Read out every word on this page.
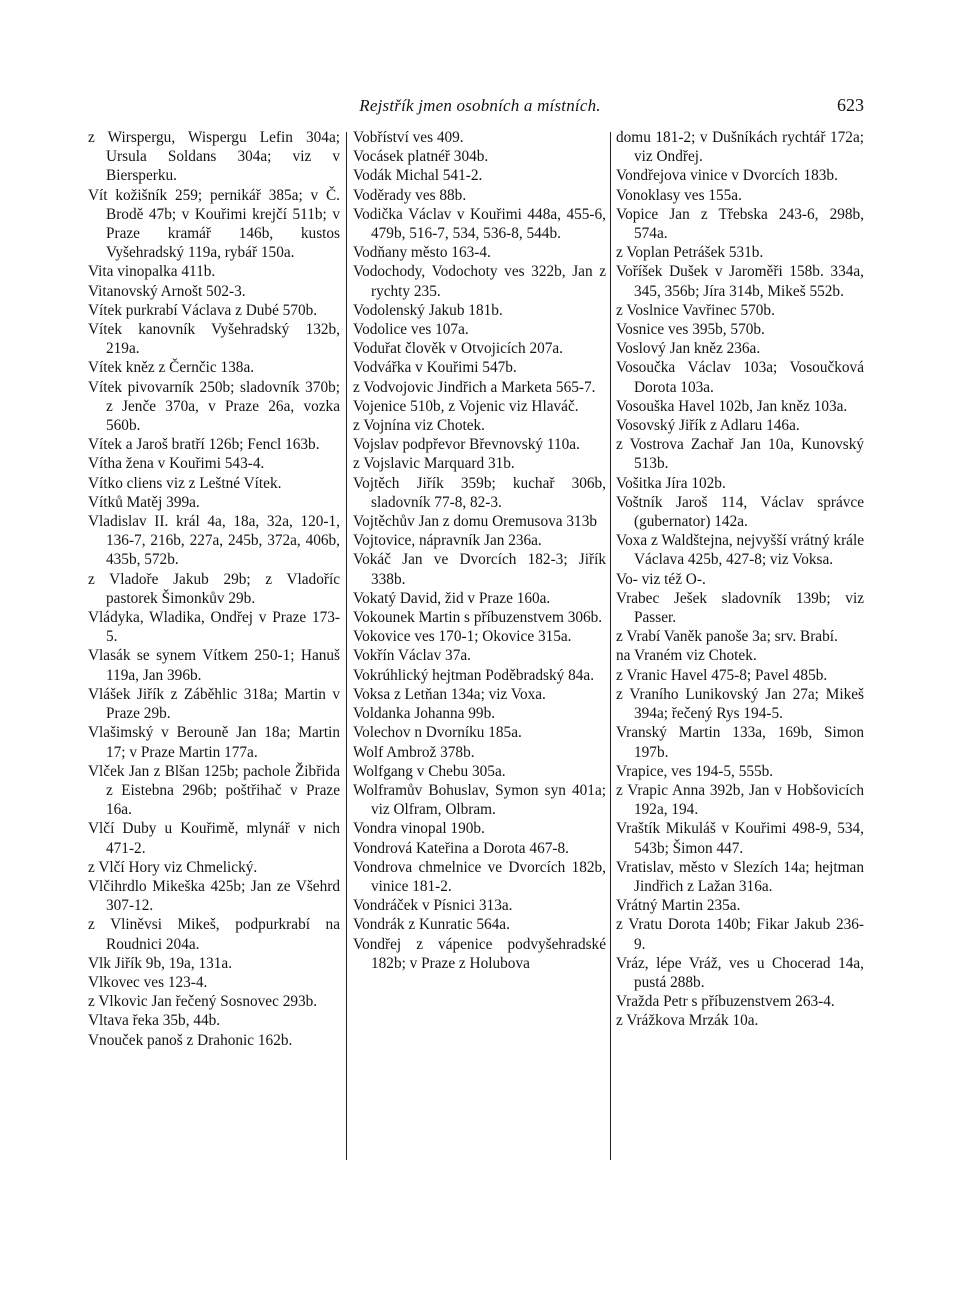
Rejstřík jmen osobních a místních.	623

z Wirspergu, Wispergu Lefin 304a; Ursula Soldans 304a; viz v Biersperku.

Vít kožišník 259; pernikář 385a; v Č. Brodě 47b; v Kouřimi krejčí 511b; v Praze kramář 146b, kustos Vyšehradský 119a, rybář 150a.

Vita vinopalka 411b.

Vitanovský Arnošt 502-3.

Vítek purkrabí Václava z Dubé 570b.

Vítek kanovník Vyšehradský 132b, 219a.

Vítek kněz z Černčic 138a.

Vítek pivovarník 250b; sladovník 370b; z Jenče 370a, v Praze 26a, vozka 560b.

Vítek a Jaroš bratří 126b; Fencl 163b.

Vítha žena v Kouřimi 543-4.

Vítko cliens viz z Leštné Vítek.

Vítků Matěj 399a.

Vladislav II. král 4a, 18a, 32a, 120-1, 136-7, 216b, 227a, 245b, 372a, 406b, 435b, 572b.

z Vladoře Jakub 29b; z Vladoříc pastorek Šimonkův 29b.

Vládyka, Wladika, Ondřej v Praze 173-5.

Vlasák se synem Vítkem 250-1; Hanuš 119a, Jan 396b.

Vlášek Jiřík z Záběhlic 318a; Martin v Praze 29b.

Vlašimský v Berouně Jan 18a; Martin 17; v Praze Martin 177a.

Vlček Jan z Blšan 125b; pachole Žibřida z Eistebna 296b; poštřihač v Praze 16a.

Vlčí Duby u Kouřimě, mlynář v nich 471-2.

z Vlčí Hory viz Chmelický.

Vlčihrdlo Mikeška 425b; Jan ze Všehrd 307-12.

z Vliněvsi Mikeš, podpurkrabí na Roudnici 204a.

Vlk Jiřík 9b, 19a, 131a.

Vlkovec ves 123-4.

z Vlkovic Jan řečený Sosnovec 293b.

Vltava řeka 35b, 44b.

Vnouček panoš z Drahonic 162b.

Vobříství ves 409.

Vocásek platnéř 304b.

Vodák Michal 541-2.

Voděrady ves 88b.

Vodička Václav v Kouřimi 448a, 455-6, 479b, 516-7, 534, 536-8, 544b.

Vodňany město 163-4.

Vodochody, Vodochoty ves 322b, Jan z rychty 235.

Vodolenský Jakub 181b.

Vodolice ves 107a.

Voduřat člověk v Otvojicích 207a.

Vodvářka v Kouřimi 547b.

z Vodvojovic Jindřich a Marketa 565-7.

Vojenice 510b, z Vojenic viz Hlaváč.

z Vojnína viz Chotek.

Vojslav podpřevor Břevnovský 110a.

z Vojslavic Marquard 31b.

Vojtěch Jiřík 359b; kuchař 306b, sladovník 77-8, 82-3.

Vojtěchův Jan z domu Oremusova 313b

Vojtovice, nápravník Jan 236a.

Vokáč Jan ve Dvorcích 182-3; Jiřík 338b.

Vokatý David, žid v Praze 160a.

Vokounek Martin s příbuzenstvem 306b.

Vokovice ves 170-1; Okovice 315a.

Vokřín Václav 37a.

Vokrúhlický hejtman Poděbradský 84a.

Voksa z Letňan 134a; viz Voxa.

Voldanka Johanna 99b.

Volechov n Dvorníku 185a.

Wolf Ambrož 378b.

Wolfgang v Chebu 305a.

Wolframův Bohuslav, Symon syn 401a; viz Olfram, Olbram.

Vondra vinopal 190b.

Vondrová Kateřina a Dorota 467-8.

Vondrova chmelnice ve Dvorcích 182b, vinice 181-2.

Vondráček v Písnici 313a.

Vondrák z Kunratic 564a.

Vondřej z vápenice podvyšehradské 182b; v Praze z Holubova

domu 181-2; v Dušníkách rychtář 172a; viz Ondřej.

Vondřejova vinice v Dvorcích 183b.

Vonoklasy ves 155a.

Vopice Jan z Třebska 243-6, 298b, 574a.

z Voplan Petrášek 531b.

Voříšek Dušek v Jaroměři 158b. 334a, 345, 356b; Jíra 314b, Mikeš 552b.

z Voslnice Vavřinec 570b.

Vosnice ves 395b, 570b.

Voslový Jan kněz 236a.

Vosoučka Václav 103a; Vosoučková Dorota 103a.

Vosouška Havel 102b, Jan kněz 103a.

Vosovský Jiřík z Adlaru 146a.

z Vostrova Zachař Jan 10a, Kunovský 513b.

Vošitka Jíra 102b.

Voštník Jaroš 114, Václav správce (gubernator) 142a.

Voxa z Waldštejna, nejvyšší vrátný krále Václava 425b, 427-8; viz Voksa.

Vo- viz též O-.

Vrabec Ješek sladovník 139b; viz Passer.

z Vrabí Vaněk panoše 3a; srv. Brabí.

na Vraném viz Chotek.

z Vranic Havel 475-8; Pavel 485b.

z Vraního Lunikovský Jan 27a; Mikeš 394a; řečený Rys 194-5.

Vranský Martin 133a, 169b, Simon 197b.

Vrapice, ves 194-5, 555b.

z Vrapic Anna 392b, Jan v Hobšovicích 192a, 194.

Vraštík Mikuláš v Kouřimi 498-9, 534, 543b; Šimon 447.

Vratislav, město v Slezích 14a; hejtman Jindřich z Lažan 316a.

Vrátný Martin 235a.

z Vratu Dorota 140b; Fikar Jakub 236-9.

Vráz, lépe Vráž, ves u Chocerad 14a, pustá 288b.

Vražda Petr s příbuzenstvem 263-4.

z Vrážkova Mrzák 10a.
